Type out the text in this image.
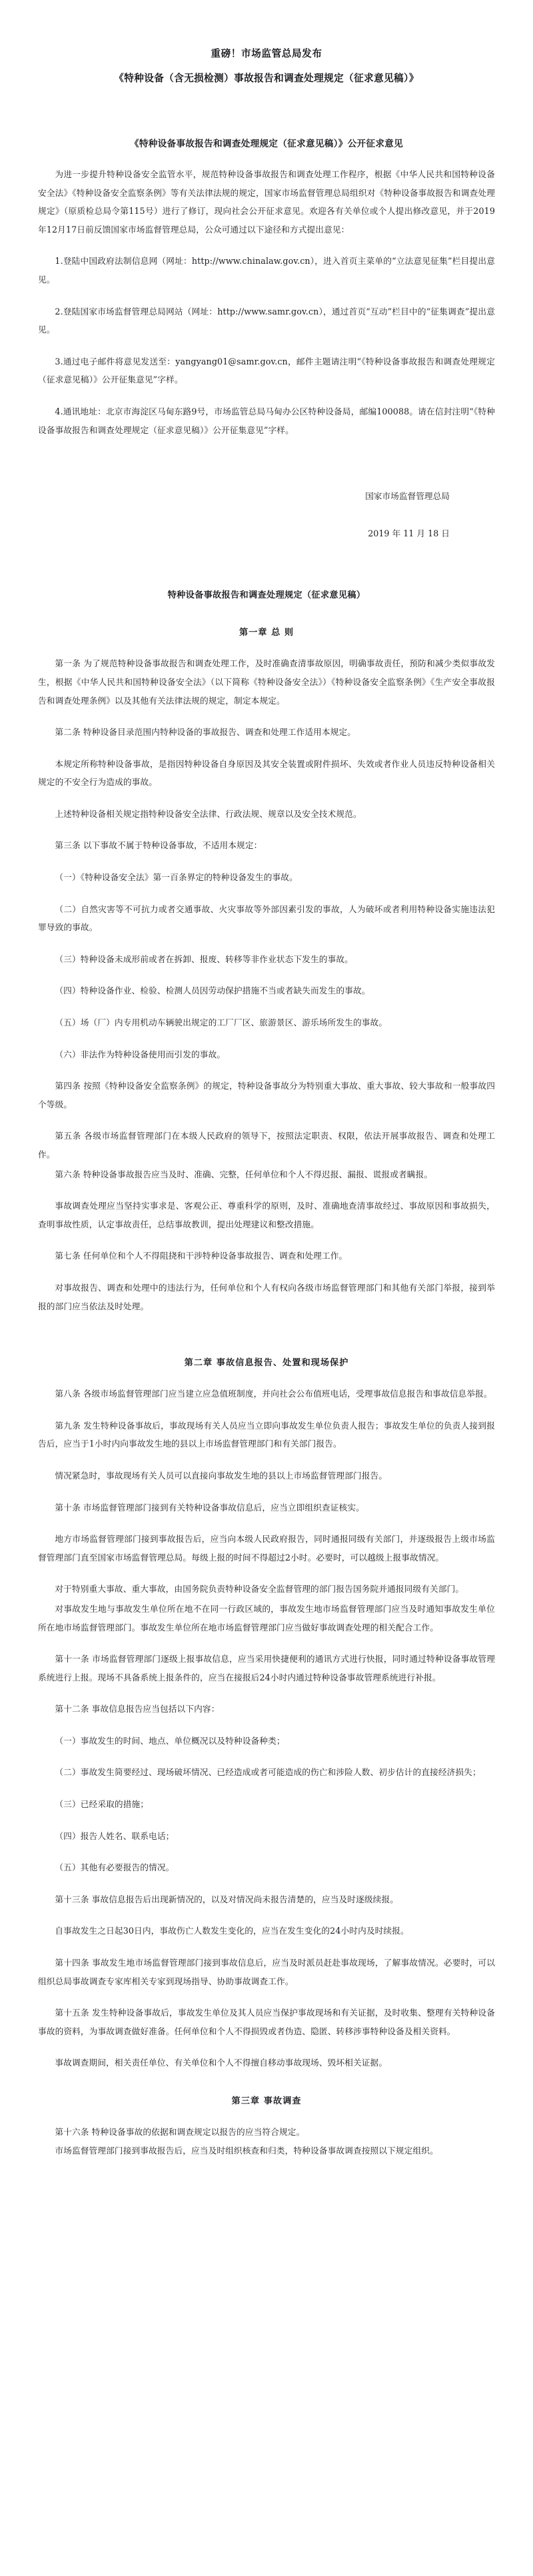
重磅！市场监管总局发布
《特种设备（含无损检测）事故报告和调查处理规定（征求意见稿）》
《特种设备事故报告和调查处理规定（征求意见稿）》公开征求意见

为进一步提升特种设备安全监管水平，规范特种设备事故报告和调查处理工作程序，根据《中华人民共和国特种设备安全法》《特种设备安全监察条例》等有关法律法规的规定，国家市场监督管理总局组织对《特种设备事故报告和调查处理规定》（原质检总局令第115号）进行了修订，现向社会公开征求意见。欢迎各有关单位或个人提出修改意见，并于2019年12月17日前反馈国家市场监督管理总局，公众可通过以下途径和方式提出意见：

1.登陆中国政府法制信息网（网址：http://www.chinalaw.gov.cn），进入首页主菜单的“立法意见征集”栏目提出意见。

2.登陆国家市场监督管理总局网站（网址：http://www.samr.gov.cn），通过首页“互动”栏目中的“征集调查”提出意见。

3.通过电子邮件将意见发送至：yangyang01@samr.gov.cn，邮件主题请注明“《特种设备事故报告和调查处理规定（征求意见稿）》公开征集意见”字样。

4.通讯地址：北京市海淀区马甸东路9号，市场监管总局马甸办公区特种设备局，邮编100088。请在信封注明“《特种设备事故报告和调查处理规定（征求意见稿）》公开征集意见”字样。

国家市场监督管理总局
2019 年 11 月 18 日
特种设备事故报告和调查处理规定（征求意见稿）
第一章 总 则

第一条 为了规范特种设备事故报告和调查处理工作，及时准确查清事故原因，明确事故责任，预防和减少类似事故发生，根据《中华人民共和国特种设备安全法》（以下简称《特种设备安全法》）《特种设备安全监察条例》《生产安全事故报告和调查处理条例》以及其他有关法律法规的规定，制定本规定。

第二条 特种设备目录范围内特种设备的事故报告、调查和处理工作适用本规定。

本规定所称特种设备事故，是指因特种设备自身原因及其安全装置或附件损坏、失效或者作业人员违反特种设备相关规定的不安全行为造成的事故。

上述特种设备相关规定指特种设备安全法律、行政法规、规章以及安全技术规范。

第三条 以下事故不属于特种设备事故，不适用本规定：

（一）《特种设备安全法》第一百条界定的特种设备发生的事故。

（二）自然灾害等不可抗力或者交通事故、火灾事故等外部因素引发的事故，人为破坏或者利用特种设备实施违法犯罪导致的事故。

（三）特种设备未成形前或者在拆卸、报废、转移等非作业状态下发生的事故。

（四）特种设备作业、检验、检测人员因劳动保护措施不当或者缺失而发生的事故。

（五）场（厂）内专用机动车辆驶出规定的工厂厂区、旅游景区、游乐场所发生的事故。

（六）非法作为特种设备使用而引发的事故。

第四条 按照《特种设备安全监察条例》的规定，特种设备事故分为特别重大事故、重大事故、较大事故和一般事故四个等级。

第五条 各级市场监督管理部门在本级人民政府的领导下，按照法定职责、权限，依法开展事故报告、调查和处理工作。

第六条 特种设备事故报告应当及时、准确、完整，任何单位和个人不得迟报、漏报、谎报或者瞒报。

事故调查处理应当坚持实事求是、客观公正、尊重科学的原则，及时、准确地查清事故经过、事故原因和事故损失，查明事故性质，认定事故责任，总结事故教训，提出处理建议和整改措施。

第七条 任何单位和个人不得阻挠和干涉特种设备事故报告、调查和处理工作。

对事故报告、调查和处理中的违法行为，任何单位和个人有权向各级市场监督管理部门和其他有关部门举报，接到举报的部门应当依法及时处理。

第二章 事故信息报告、处置和现场保护

第八条 各级市场监督管理部门应当建立应急值班制度，并向社会公布值班电话，受理事故信息报告和事故信息举报。

第九条 发生特种设备事故后，事故现场有关人员应当立即向事故发生单位负责人报告；事故发生单位的负责人接到报告后，应当于1小时内向事故发生地的县以上市场监督管理部门和有关部门报告。

情况紧急时，事故现场有关人员可以直接向事故发生地的县以上市场监督管理部门报告。

第十条 市场监督管理部门接到有关特种设备事故信息后，应当立即组织查证核实。

地方市场监督管理部门接到事故报告后，应当向本级人民政府报告，同时通报同级有关部门，并逐级报告上级市场监督管理部门直至国家市场监督管理总局。每级上报的时间不得超过2小时。必要时，可以越级上报事故情况。

对于特别重大事故、重大事故，由国务院负责特种设备安全监督管理的部门报告国务院并通报同级有关部门。

对事故发生地与事故发生单位所在地不在同一行政区域的，事故发生地市场监督管理部门应当及时通知事故发生单位所在地市场监督管理部门。事故发生单位所在地市场监督管理部门应当做好事故调查处理的相关配合工作。

第十一条 市场监督管理部门逐级上报事故信息，应当采用快捷便利的通讯方式进行快报，同时通过特种设备事故管理系统进行上报。现场不具备系统上报条件的，应当在接报后24小时内通过特种设备事故管理系统进行补报。

第十二条 事故信息报告应当包括以下内容：

（一）事故发生的时间、地点、单位概况以及特种设备种类；

（二）事故发生简要经过、现场破坏情况、已经造成或者可能造成的伤亡和涉险人数、初步估计的直接经济损失；

（三）已经采取的措施；

（四）报告人姓名、联系电话；

（五）其他有必要报告的情况。

第十三条 事故信息报告后出现新情况的，以及对情况尚未报告清楚的，应当及时逐级续报。

自事故发生之日起30日内，事故伤亡人数发生变化的，应当在发生变化的24小时内及时续报。

第十四条 事故发生地市场监督管理部门接到事故信息后，应当及时派员赶赴事故现场，了解事故情况。必要时，可以组织总局事故调查专家库相关专家到现场指导、协助事故调查工作。

第十五条 发生特种设备事故后，事故发生单位及其人员应当保护事故现场和有关证据，及时收集、整理有关特种设备事故的资料，为事故调查做好准备。任何单位和个人不得损毁或者伪造、隐匿、转移涉事特种设备及相关资料。

事故调查期间，相关责任单位、有关单位和个人不得擅自移动事故现场、毁坏相关证据。

第三章 事故调查

第十六条 特种设备事故的依据和调查规定以报告的应当符合规定。

市场监督管理部门接到事故报告后，应当及时组织核查和归类，特种设备事故调查按照以下规定组织。
